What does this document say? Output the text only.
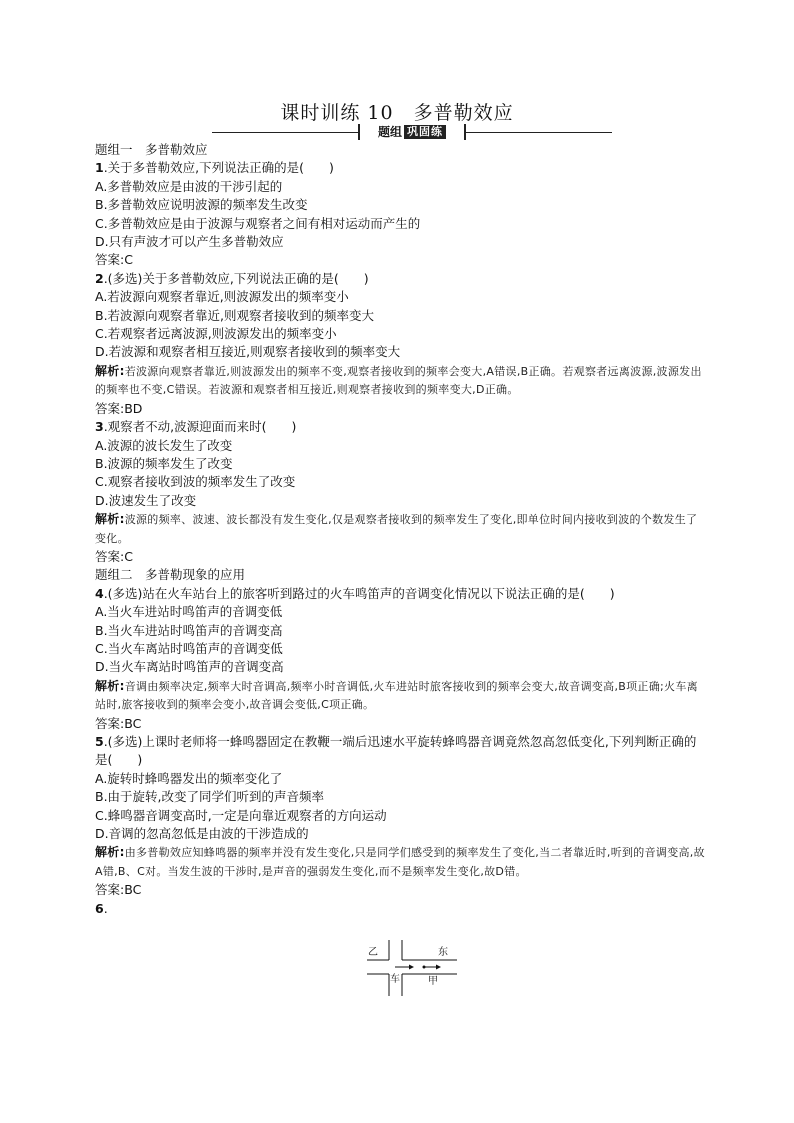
课时训练 10　多普勒效应
题组 巩固练
题组一　多普勒效应
1.关于多普勒效应,下列说法正确的是(　　)
A.多普勒效应是由波的干涉引起的
B.多普勒效应说明波源的频率发生改变
C.多普勒效应是由于波源与观察者之间有相对运动而产生的
D.只有声波才可以产生多普勒效应
答案:C
2.(多选)关于多普勒效应,下列说法正确的是(　　)
A.若波源向观察者靠近,则波源发出的频率变小
B.若波源向观察者靠近,则观察者接收到的频率变大
C.若观察者远离波源,则波源发出的频率变小
D.若波源和观察者相互接近,则观察者接收到的频率变大
解析:若波源向观察者靠近,则波源发出的频率不变,观察者接收到的频率会变大,A错误,B正确。若观察者远离波源,波源发出的频率也不变,C错误。若波源和观察者相互接近,则观察者接收到的频率变大,D正确。
答案:BD
3.观察者不动,波源迎面而来时(　　)
A.波源的波长发生了改变
B.波源的频率发生了改变
C.观察者接收到波的频率发生了改变
D.波速发生了改变
解析:波源的频率、波速、波长都没有发生变化,仅是观察者接收到的频率发生了变化,即单位时间内接收到波的个数发生了变化。
答案:C
题组二　多普勒现象的应用
4.(多选)站在火车站台上的旅客听到路过的火车鸣笛声的音调变化情况以下说法正确的是(　　)
A.当火车进站时鸣笛声的音调变低
B.当火车进站时鸣笛声的音调变高
C.当火车离站时鸣笛声的音调变低
D.当火车离站时鸣笛声的音调变高
解析:音调由频率决定,频率大时音调高,频率小时音调低,火车进站时旅客接收到的频率会变大,故音调变高,B项正确;火车离站时,旅客接收到的频率会变小,故音调会变低,C项正确。
答案:BC
5.(多选)上课时老师将一蜂鸣器固定在教鞭一端后迅速水平旋转蜂鸣器音调竟然忽高忽低变化,下列判断正确的是(　　)
A.旋转时蜂鸣器发出的频率变化了
B.由于旋转,改变了同学们听到的声音频率
C.蜂鸣器音调变高时,一定是向靠近观察者的方向运动
D.音调的忽高忽低是由波的干涉造成的
解析:由多普勒效应知蜂鸣器的频率并没有发生变化,只是同学们感受到的频率发生了变化,当二者靠近时,听到的音调变高,故A错,B、C对。当发生波的干涉时,是声音的强弱发生变化,而不是频率发生变化,故D错。
答案:BC
6.
乙	东
车	甲
